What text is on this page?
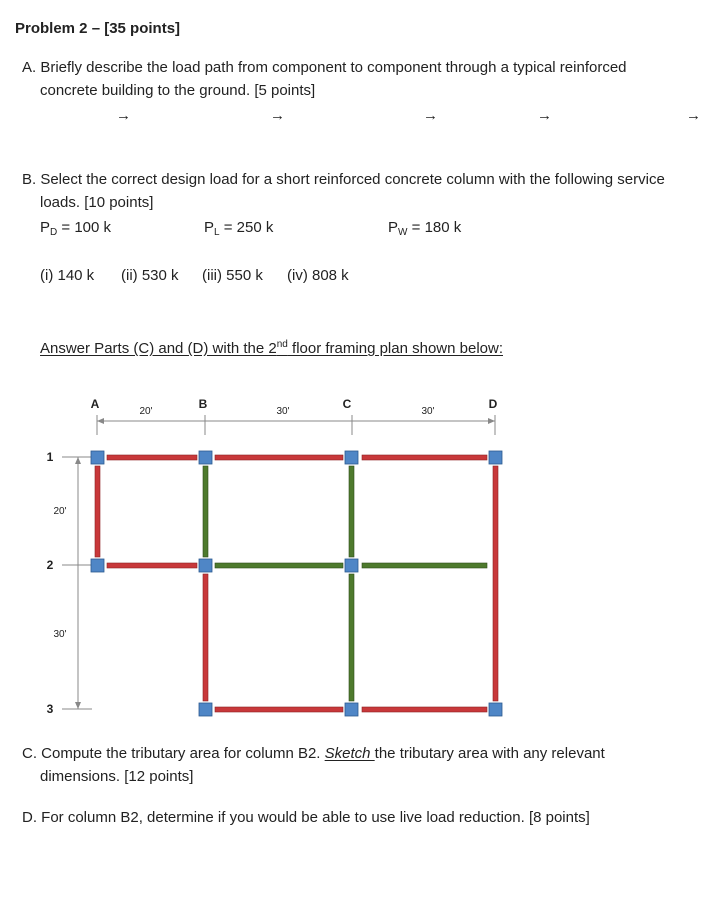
Problem 2 – [35 points]
A. Briefly describe the load path from component to component through a typical reinforced
concrete building to the ground. [5 points]
→	→	→	→	→
B. Select the correct design load for a short reinforced concrete column with the following service
loads. [10 points]
$P_D = 100$ k	$P_L = 250$ k	$P_W = 180$ k
(i) 140 k (ii) 530 k (iii) 550 k (iv) 808 k
Answer Parts (C) and (D) with the 2nd floor framing plan shown below:
A	B	C	D
1
2
3
20'	30'	30'
20'
30'
C. Compute the tributary area for column B2. Sketch the tributary area with any relevant
dimensions. [12 points]
D. For column B2, determine if you would be able to use live load reduction. [8 points]
